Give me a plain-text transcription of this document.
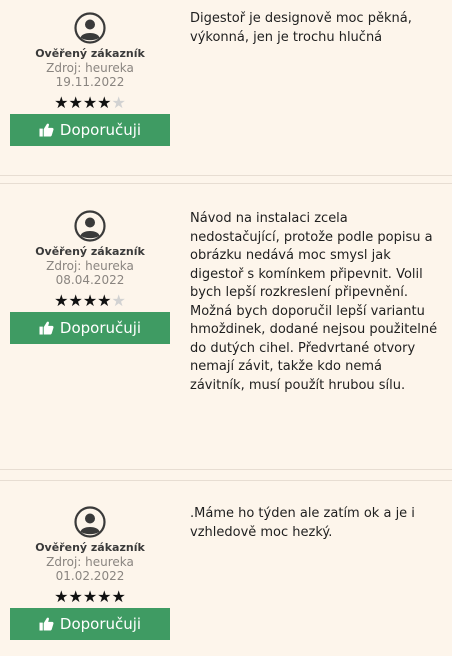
Ověřený zákazník
Zdroj: heureka
19.11.2022
★★★★★
Doporučuji
Digestoř je designově moc pěkná, výkonná, jen je trochu hlučná
Ověřený zákazník
Zdroj: heureka
08.04.2022
★★★★★
Doporučuji
Návod na instalaci zcela nedostačující, protože podle popisu a obrázku nedává moc smysl jak digestoř s komínkem připevnit. Volil bych lepší rozkreslení připevnění. Možná bych doporučil lepší variantu hmoždinek, dodané nejsou použitelné do dutých cihel. Předvrtané otvory nemají závit, takže kdo nemá závitník, musí použít hrubou sílu.
Ověřený zákazník
Zdroj: heureka
01.02.2022
★★★★★
Doporučuji
.Máme ho týden ale zatím ok a je i vzhledově moc hezký.
